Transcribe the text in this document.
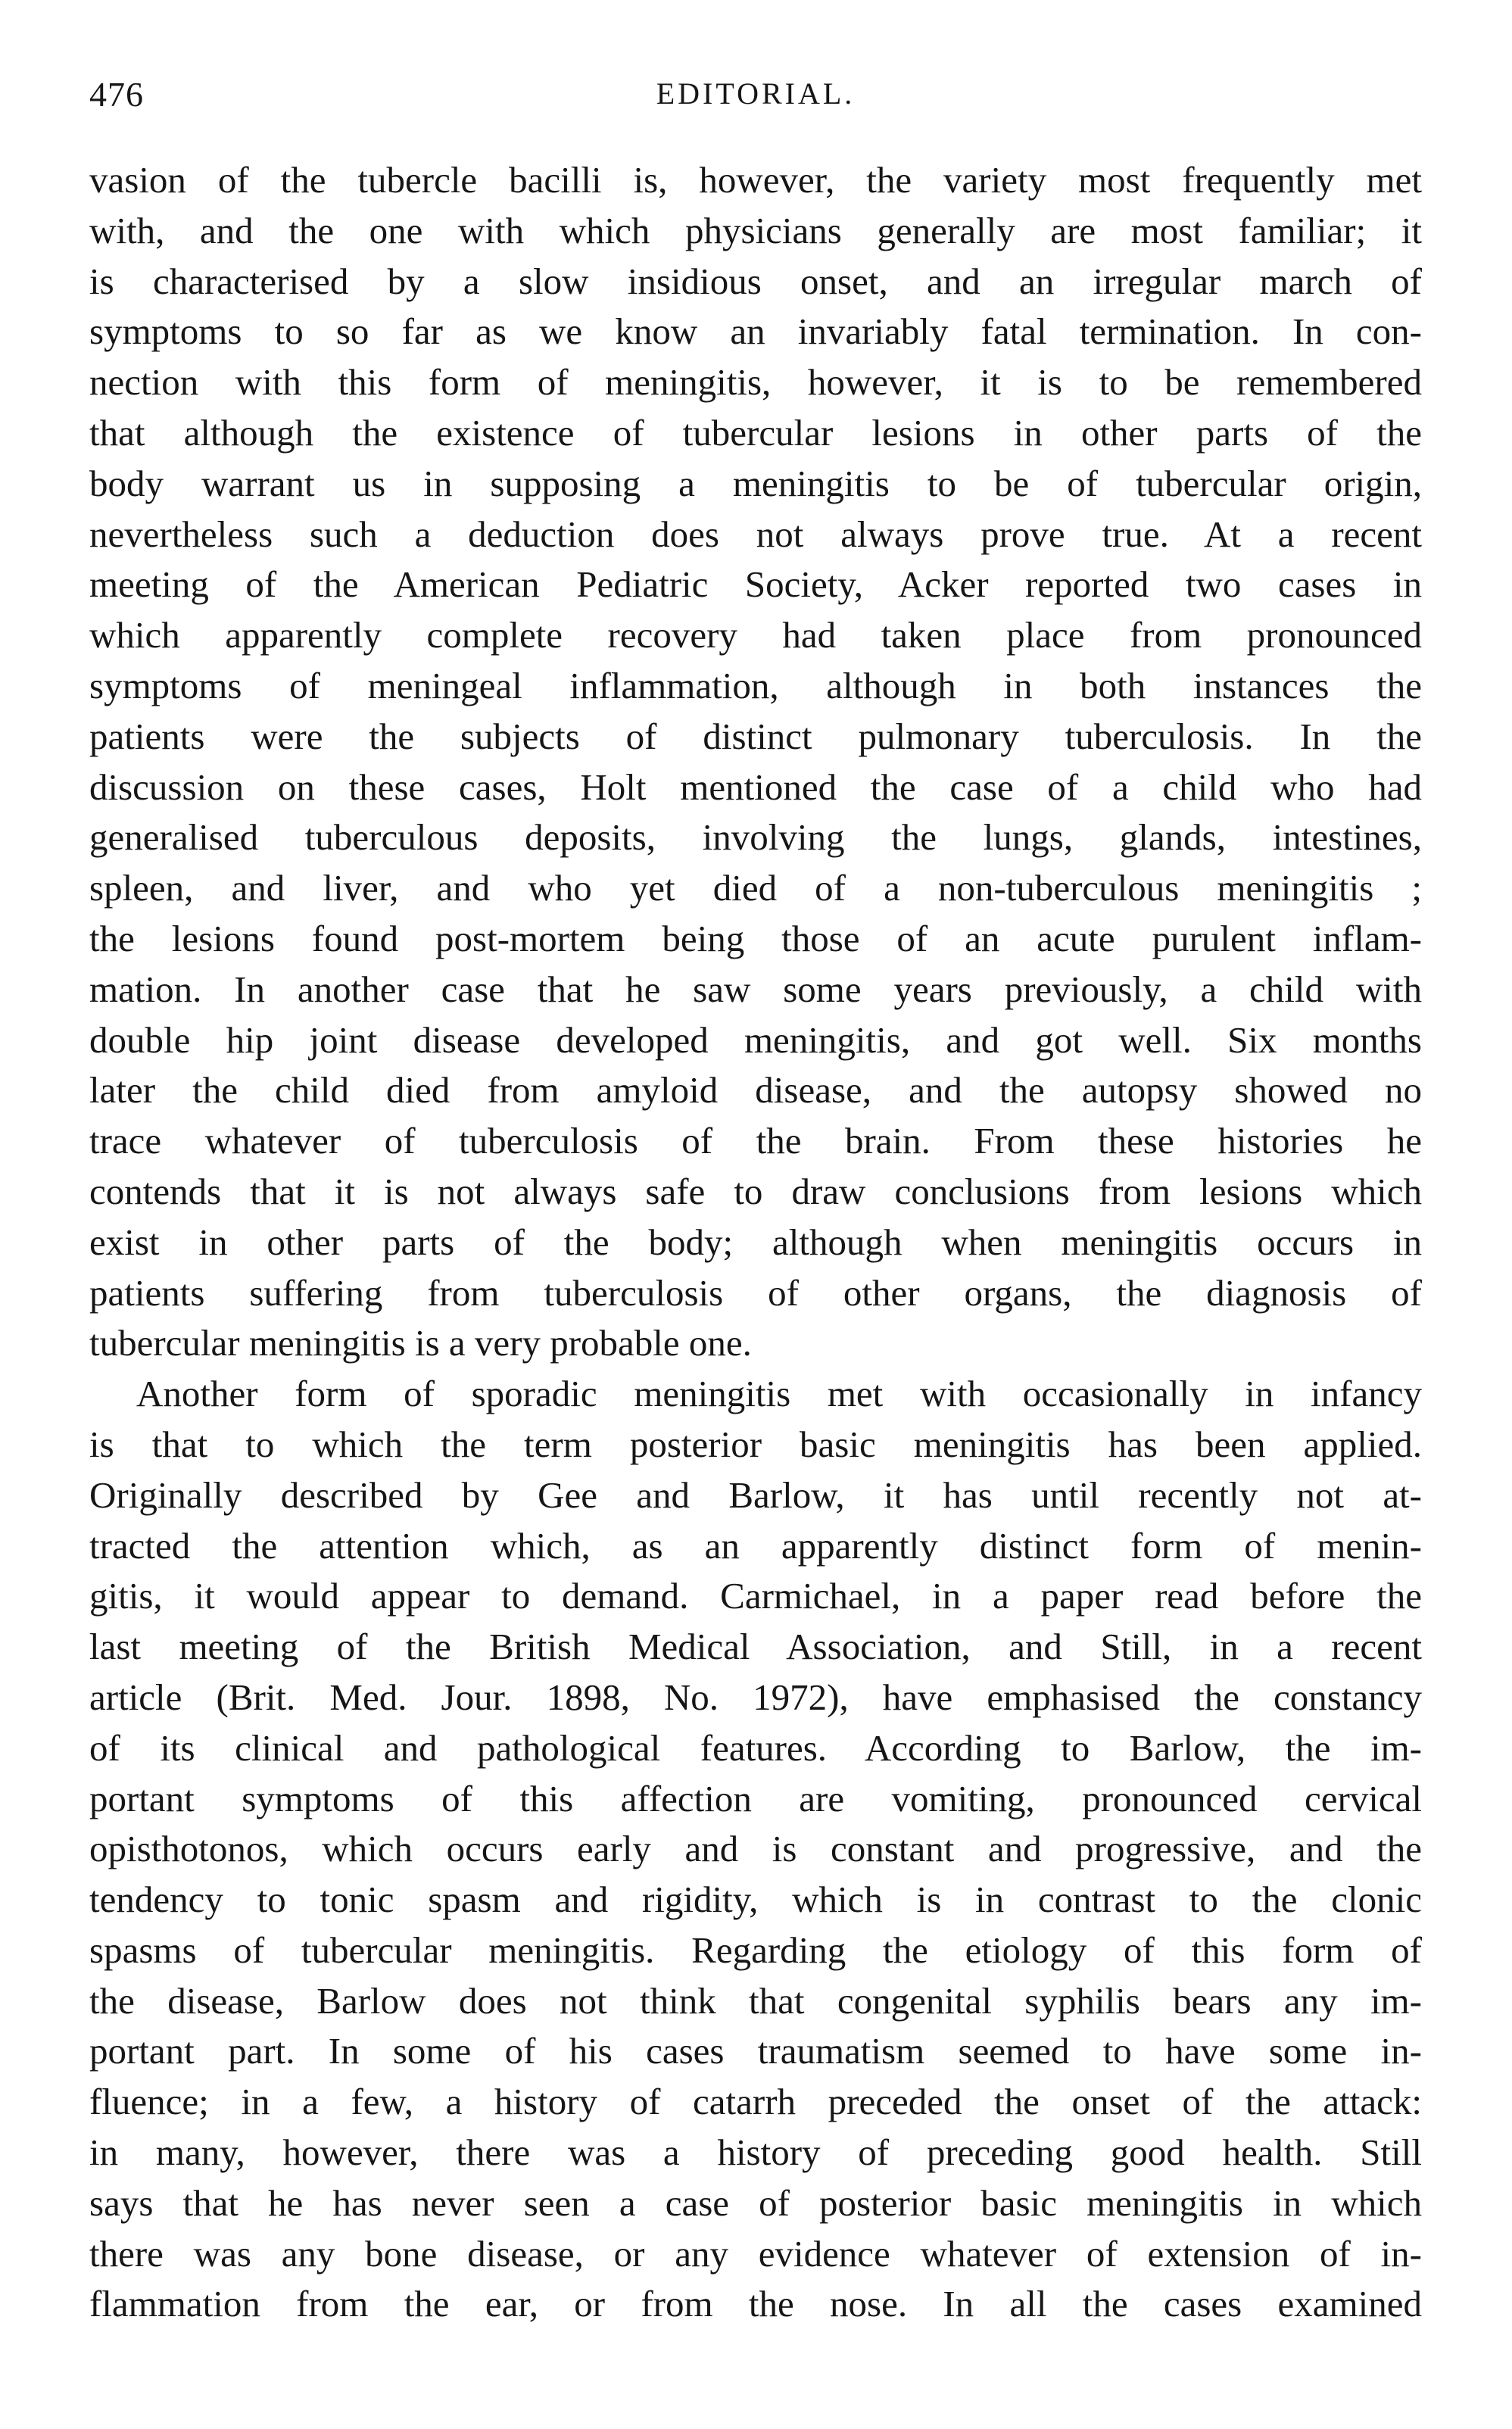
476	EDITORIAL.
vasion of the tubercle bacilli is, however, the variety most frequently met
with, and the one with which physicians generally are most familiar; it
is characterised by a slow insidious onset, and an irregular march of
symptoms to so far as we know an invariably fatal termination. In con-
nection with this form of meningitis, however, it is to be remembered
that although the existence of tubercular lesions in other parts of the
body warrant us in supposing a meningitis to be of tubercular origin,
nevertheless such a deduction does not always prove true. At a recent
meeting of the American Pediatric Society, Acker reported two cases in
which apparently complete recovery had taken place from pronounced
symptoms of meningeal inflammation, although in both instances the
patients were the subjects of distinct pulmonary tuberculosis. In the
discussion on these cases, Holt mentioned the case of a child who had
generalised tuberculous deposits, involving the lungs, glands, intestines,
spleen, and liver, and who yet died of a non-tuberculous meningitis ;
the lesions found post-mortem being those of an acute purulent inflam-
mation. In another case that he saw some years previously, a child with
double hip joint disease developed meningitis, and got well. Six months
later the child died from amyloid disease, and the autopsy showed no
trace whatever of tuberculosis of the brain. From these histories he
contends that it is not always safe to draw conclusions from lesions which
exist in other parts of the body; although when meningitis occurs in
patients suffering from tuberculosis of other organs, the diagnosis of
tubercular meningitis is a very probable one.
Another form of sporadic meningitis met with occasionally in infancy
is that to which the term posterior basic meningitis has been applied.
Originally described by Gee and Barlow, it has until recently not at-
tracted the attention which, as an apparently distinct form of menin-
gitis, it would appear to demand. Carmichael, in a paper read before the
last meeting of the British Medical Association, and Still, in a recent
article (Brit. Med. Jour. 1898, No. 1972), have emphasised the constancy
of its clinical and pathological features. According to Barlow, the im-
portant symptoms of this affection are vomiting, pronounced cervical
opisthotonos, which occurs early and is constant and progressive, and the
tendency to tonic spasm and rigidity, which is in contrast to the clonic
spasms of tubercular meningitis. Regarding the etiology of this form of
the disease, Barlow does not think that congenital syphilis bears any im-
portant part. In some of his cases traumatism seemed to have some in-
fluence; in a few, a history of catarrh preceded the onset of the attack:
in many, however, there was a history of preceding good health. Still
says that he has never seen a case of posterior basic meningitis in which
there was any bone disease, or any evidence whatever of extension of in-
flammation from the ear, or from the nose. In all the cases examined
